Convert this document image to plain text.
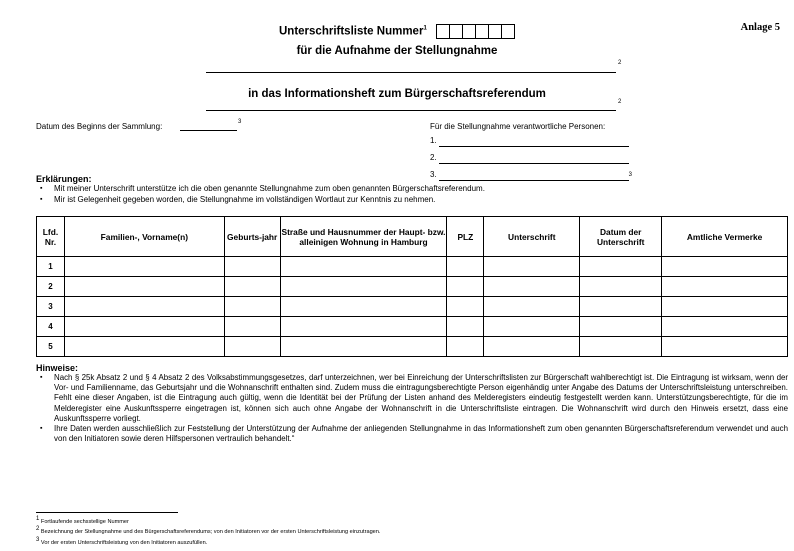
Anlage 5
Unterschriftsliste Nummer$^1$
für die Aufnahme der Stellungnahme
2
in das Informationsheft zum Bürgerschaftsreferendum
2
Datum des Beginns der Sammlung:	3	Für die Stellungnahme verantwortliche Personen:
1.
2.
3.	3
Erklärungen:
▪ Mit meiner Unterschrift unterstütze ich die oben genannte Stellungnahme zum oben genannten Bürgerschaftsreferendum.
▪ Mir ist Gelegenheit gegeben worden, die Stellungnahme im vollständigen Wortlaut zur Kenntnis zu nehmen.
Lfd. Nr.	Familien-, Vorname(n)	Geburts-jahr	Straße und Hausnummer der Haupt- bzw. alleinigen Wohnung in Hamburg	PLZ	Unterschrift	Datum der Unterschrift	Amtliche Vermerke
1							
2							
3							
4							
5							
Hinweise:
▪ Nach § 25k Absatz 2 und § 4 Absatz 2 des Volksabstimmungsgesetzes, darf unterzeichnen, wer bei Einreichung der Unterschriftslisten zur Bürgerschaft wahlberechtigt ist. Die Eintragung ist wirksam, wenn der Vor- und Familienname, das Geburtsjahr und die Wohnanschrift enthalten sind. Zudem muss die eintragungsberechtigte Person eigenhändig unter Angabe des Datums der Unterschriftsleistung unterschreiben. Fehlt eine dieser Angaben, ist die Eintragung auch gültig, wenn die Identität bei der Prüfung der Listen anhand des Melderegisters eindeutig festgestellt werden kann. Unterstützungsberechtigte, für die im Melderegister eine Auskunftssperre eingetragen ist, können sich auch ohne Angabe der Wohnanschrift in die Unterschriftsliste eintragen. Die Wohnanschrift wird durch den Hinweis ersetzt, dass eine Auskunftssperre vorliegt.
▪ Ihre Daten werden ausschließlich zur Feststellung der Unterstützung der Aufnahme der anliegenden Stellungnahme in das Informationsheft zum oben genannten Bürgerschaftsreferendum verwendet und auch von den Initiatoren sowie deren Hilfspersonen vertraulich behandelt.“
$^1$ Fortlaufende sechsstellige Nummer
$^2$ Bezeichnung der Stellungnahme und des Bürgerschaftsreferendums; von den Initiatoren vor der ersten Unterschriftsleistung einzutragen.
$^3$ Vor der ersten Unterschriftsleistung von den Initiatoren auszufüllen.
